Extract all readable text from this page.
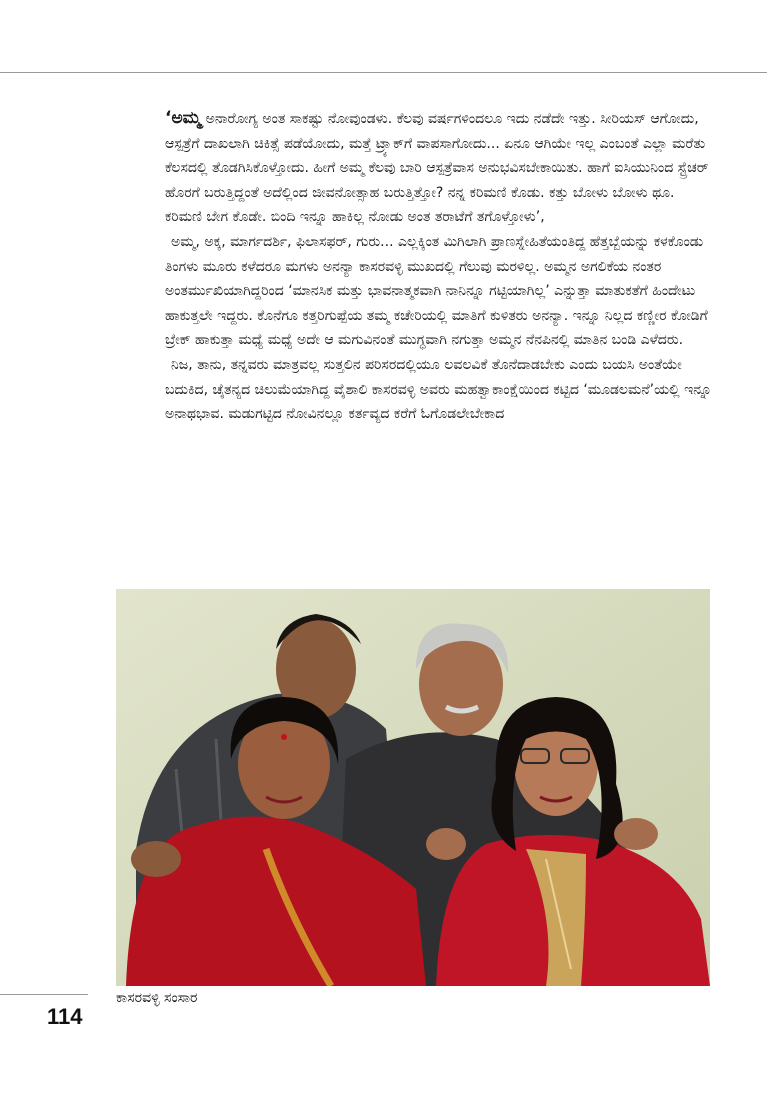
‘ಅಮ್ಮ ಅನಾರೋಗ್ಯ ಅಂತ ಸಾಕಷ್ಟು ನೋವುಂಡಳು. ಕೆಲವು ವರ್ಷಗಳಿಂದಲೂ ಇದು ನಡೆದೇ ಇತ್ತು. ಸೀರಿಯಸ್ ಆಗೋದು, ಆಸ್ಪತ್ರೆಗೆ ದಾಖಲಾಗಿ ಚಿಕಿತ್ಸೆ ಪಡೆಯೋದು, ಮತ್ತೆ ಟ್ರ್ಯಾಕ್‌ಗೆ ವಾಪಸಾಗೋದು... ಏನೂ ಆಗಿಯೇ ಇಲ್ಲ ಎಂಬಂತೆ ಎಲ್ಲಾ ಮರೆತು ಕೆಲಸದಲ್ಲಿ ತೊಡಗಿಸಿಕೊಳ್ತೋದು. ಹೀಗೆ ಅಮ್ಮ ಕೆಲವು ಬಾರಿ ಆಸ್ಪತ್ರೆವಾಸ ಅನುಭವಿಸಬೇಕಾಯಿತು. ಹಾಗೆ ಐಸಿಯುನಿಂದ ಸ್ಟ್ರೆಚರ್ ಹೊರಗೆ ಬರುತ್ತಿದ್ದಂತೆ ಅದೆಲ್ಲಿಂದ ಜೀವನೋತ್ಸಾಹ ಬರುತ್ತಿತ್ತೋ? ನನ್ನ ಕರಿಮಣಿ ಕೊಡು. ಕತ್ತು ಬೋಳು ಬೋಳು ಥೂ. ಕರಿಮಣಿ ಬೇಗ ಕೊಡೇ. ಬಿಂದಿ ಇನ್ನೂ ಹಾಕಿಲ್ಲ ನೋಡು ಅಂತ ತರಾಟೆಗೆ ತಗೊಳ್ತೋಳು’,

ಅಮ್ಮ, ಅಕ್ಕ, ಮಾರ್ಗದರ್ಶಿ, ಫಿಲಾಸಫರ್, ಗುರು... ಎಲ್ಲಕ್ಕಿಂತ ಮಿಗಿಲಾಗಿ ಪ್ರಾಣಸ್ನೇಹಿತೆಯಂತಿದ್ದ ಹೆತ್ತಬ್ಬೆಯನ್ನು ಕಳಕೊಂಡು ತಿಂಗಳು ಮೂರು ಕಳೆದರೂ ಮಗಳು ಅನನ್ಯಾ ಕಾಸರವಳ್ಳಿ ಮುಖದಲ್ಲಿ ಗೆಲುವು ಮರಳಿಲ್ಲ. ಅಮ್ಮನ ಅಗಲಿಕೆಯ ನಂತರ ಅಂತರ್ಮುಖಿಯಾಗಿದ್ದರಿಂದ ‘ಮಾನಸಿಕ ಮತ್ತು ಭಾವನಾತ್ಮಕವಾಗಿ ನಾನಿನ್ನೂ ಗಟ್ಟಿಯಾಗಿಲ್ಲ’ ಎನ್ನುತ್ತಾ ಮಾತುಕತೆಗೆ ಹಿಂದೇಟು ಹಾಕುತ್ತಲೇ ಇದ್ದರು. ಕೊನೆಗೂ ಕತ್ತರಿಗುಪ್ಪೆಯ ತಮ್ಮ ಕಚೇರಿಯಲ್ಲಿ ಮಾತಿಗೆ ಕುಳಿತರು ಅನನ್ಯಾ. ಇನ್ನೂ ನಿಲ್ಲದ ಕಣ್ಣೀರ ಕೋಡಿಗೆ ಬ್ರೇಕ್ ಹಾಕುತ್ತಾ ಮಧ್ಯೆ ಮಧ್ಯೆ ಅದೇ ಆ ಮಗುವಿನಂತೆ ಮುಗ್ಧವಾಗಿ ನಗುತ್ತಾ ಅಮ್ಮನ ನೆನಪಿನಲ್ಲಿ ಮಾತಿನ ಬಂಡಿ ಎಳೆದರು.

ನಿಜ, ತಾನು, ತನ್ನವರು ಮಾತ್ರವಲ್ಲ ಸುತ್ತಲಿನ ಪರಿಸರದಲ್ಲಿಯೂ ಲವಲವಿಕೆ ತೊನೆದಾಡಬೇಕು ಎಂದು ಬಯಸಿ ಅಂತೆಯೇ ಬದುಕಿದ, ಚೈತನ್ಯದ ಚಿಲುಮೆಯಾಗಿದ್ದ ವೈಶಾಲಿ ಕಾಸರವಳ್ಳಿ ಅವರು ಮಹತ್ವಾಕಾಂಕ್ಷೆಯಿಂದ ಕಟ್ಟಿದ ‘ಮೂಡಲಮನೆ’ಯಲ್ಲಿ ಇನ್ನೂ ಅನಾಥಭಾವ. ಮಡುಗಟ್ಟಿದ ನೋವಿನಲ್ಲೂ ಕರ್ತವ್ಯದ ಕರೆಗೆ ಓಗೊಡಲೇಬೇಕಾದ

114
ಕಾಸರವಳ್ಳಿ ಸಂಸಾರ
